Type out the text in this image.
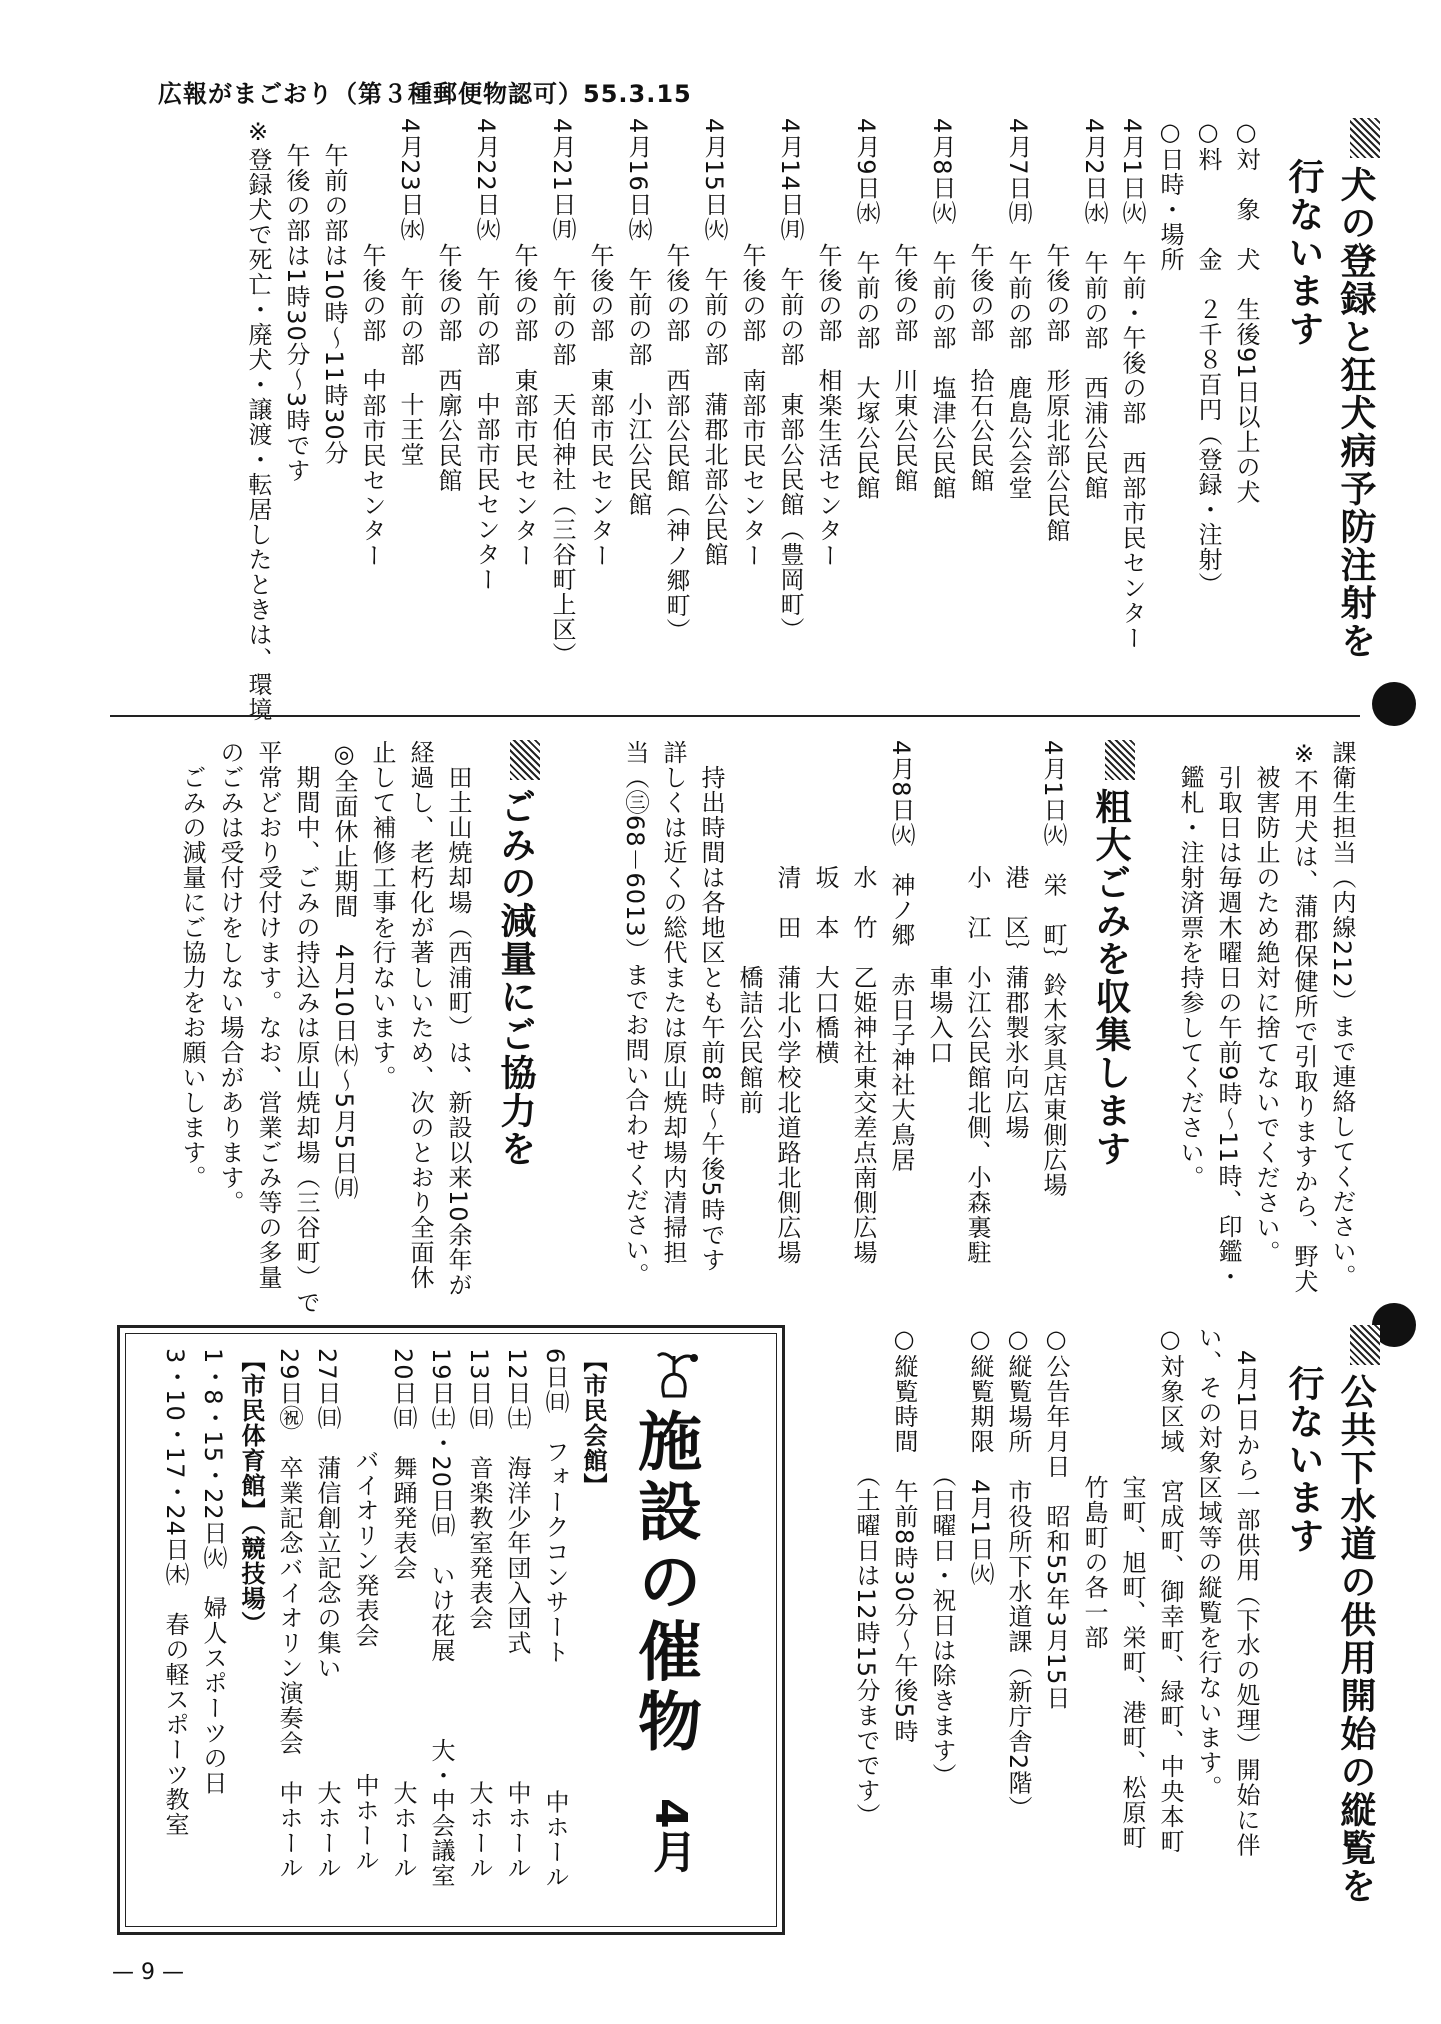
広報がまごおり（第３種郵便物認可）55.3.15
犬の登録と狂犬病予防注射を
行ないます
○対　象　犬　生後91日以上の犬
○料　　　金　２千８百円（登録・注射）
○日時・場所
4月1日㈫　午前・午後の部　西部市民センター
4月2日㈬　午前の部　西浦公民館
　　　　　午後の部　形原北部公民館
4月7日㈪　午前の部　鹿島公会堂
　　　　　午後の部　拾石公民館
4月8日㈫　午前の部　塩津公民館
　　　　　午後の部　川東公民館
4月9日㈬　午前の部　大塚公民館
　　　　　午後の部　相楽生活センター
4月14日㈪　午前の部　東部公民館（豊岡町）
　　　　　午後の部　南部市民センター
4月15日㈫　午前の部　蒲郡北部公民館
　　　　　午後の部　西部公民館（神ノ郷町）
4月16日㈬　午前の部　小江公民館
　　　　　午後の部　東部市民センター
4月21日㈪　午前の部　天伯神社（三谷町上区）
　　　　　午後の部　東部市民センター
4月22日㈫　午前の部　中部市民センター
　　　　　午後の部　西廓公民館
4月23日㈬　午前の部　十王堂
　　　　　午後の部　中部市民センター
　午前の部は10時～11時30分
　午後の部は1時30分～3時です
※登録犬で死亡・廃犬・譲渡・転居したときは、環境
課衛生担当（内線212）まで連絡してください。
※不用犬は、蒲郡保健所で引取りますから、野犬
　被害防止のため絶対に捨てないでください。
　引取日は毎週木曜日の午前9時～11時、印鑑・
　鑑札・注射済票を持参してください。
粗大ごみを収集します
4月1日㈫　栄　町｝鈴木家具店東側広場
　　　　　港　区｝蒲郡製氷向広場
　　　　　小　江　小江公民館北側、小森裏駐
　　　　　　　　　車場入口
4月8日㈫　神ノ郷　赤日子神社大鳥居
　　　　　水　竹　乙姫神社東交差点南側広場
　　　　　坂　本　大口橋横
　　　　　清　田　蒲北小学校北道路北側広場
　　　　　　　　　橋詰公民館前
　持出時間は各地区とも午前8時～午後5時です
詳しくは近くの総代または原山焼却場内清掃担
当（㊂68－6013）までお問い合わせください。
ごみの減量にご協力を
　田土山焼却場（西浦町）は、新設以来10余年が
経過し、老朽化が著しいため、次のとおり全面休
止して補修工事を行ないます。
◎全面休止期間　4月10日㈭～5月5日㈪
　期間中、ごみの持込みは原山焼却場（三谷町）で
平常どおり受付けます。なお、営業ごみ等の多量
のごみは受付けをしない場合があります。
　ごみの減量にご協力をお願いします。
公共下水道の供用開始の縦覧を
行ないます
　4月1日から一部供用（下水の処理）開始に伴
い、その対象区域等の縦覧を行ないます。
○対象区域　宮成町、御幸町、緑町、中央本町
　　　　　　宝町、旭町、栄町、港町、松原町
　　　　　　竹島町の各一部
○公告年月日　昭和55年3月15日
○縦覧場所　市役所下水道課（新庁舎2階）
○縦覧期限　4月1日㈫
　　　　　　（日曜日・祝日は除きます）
○縦覧時間　午前8時30分～午後5時
　　　　　　（土曜日は12時15分までです）
施設の催物
4月
【市民会館】
6日㈰　フォークコンサート　　　　　中ホール
12日㈯　海洋少年団入団式　　　　　中ホール
13日㈰　音楽教室発表会　　　　　　大ホール
19日㈯・20日㈰　いけ花展　　　大・中会議室
20日㈰　舞踊発表会　　　　　　　　大ホール
　　　　バイオリン発表会　　　　　中ホール
27日㈰　蒲信創立記念の集い　　　　大ホール
29日㊗　卒業記念バイオリン演奏会　中ホール
【市民体育館】（競技場）
1・8・15・22日㈫　婦人スポーツの日
3・10・17・24日㈭　春の軽スポーツ教室
— 9 —
